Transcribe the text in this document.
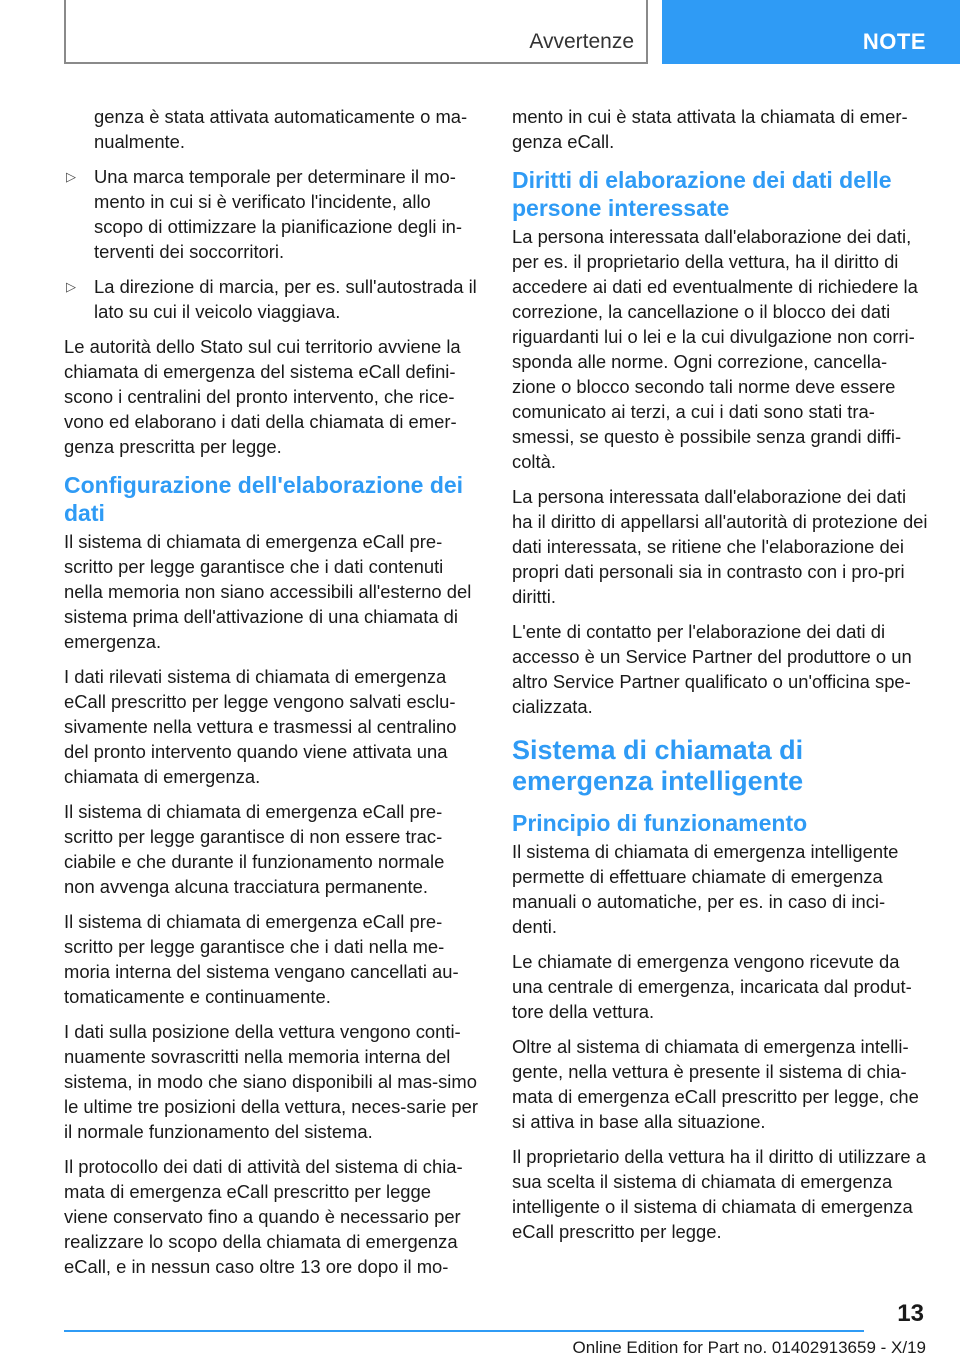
Avvertenze	NOTE

genza è stata attivata automaticamente o ma-nualmente.

▷ Una marca temporale per determinare il mo-mento in cui si è verificato l'incidente, allo scopo di ottimizzare la pianificazione degli in-terventi dei soccorritori.

▷ La direzione di marcia, per es. sull'autostrada il lato su cui il veicolo viaggiava.

Le autorità dello Stato sul cui territorio avviene la chiamata di emergenza del sistema eCall defini-scono i centralini del pronto intervento, che rice-vono ed elaborano i dati della chiamata di emer-genza prescritta per legge.

Configurazione dell'elaborazione dei dati

Il sistema di chiamata di emergenza eCall pre-scritto per legge garantisce che i dati contenuti nella memoria non siano accessibili all'esterno del sistema prima dell'attivazione di una chiamata di emergenza.

I dati rilevati sistema di chiamata di emergenza eCall prescritto per legge vengono salvati esclu-sivamente nella vettura e trasmessi al centralino del pronto intervento quando viene attivata una chiamata di emergenza.

Il sistema di chiamata di emergenza eCall pre-scritto per legge garantisce di non essere trac-ciabile e che durante il funzionamento normale non avvenga alcuna tracciatura permanente.

Il sistema di chiamata di emergenza eCall pre-scritto per legge garantisce che i dati nella me-moria interna del sistema vengano cancellati au-tomaticamente e continuamente.

I dati sulla posizione della vettura vengono conti-nuamente sovrascritti nella memoria interna del sistema, in modo che siano disponibili al mas-simo le ultime tre posizioni della vettura, neces-sarie per il normale funzionamento del sistema.

Il protocollo dei dati di attività del sistema di chia-mata di emergenza eCall prescritto per legge viene conservato fino a quando è necessario per realizzare lo scopo della chiamata di emergenza eCall, e in nessun caso oltre 13 ore dopo il mo-

mento in cui è stata attivata la chiamata di emer-genza eCall.

Diritti di elaborazione dei dati delle persone interessate

La persona interessata dall'elaborazione dei dati, per es. il proprietario della vettura, ha il diritto di accedere ai dati ed eventualmente di richiedere la correzione, la cancellazione o il blocco dei dati riguardanti lui o lei e la cui divulgazione non corri-sponda alle norme. Ogni correzione, cancella-zione o blocco secondo tali norme deve essere comunicato ai terzi, a cui i dati sono stati tra-smessi, se questo è possibile senza grandi diffi-coltà.

La persona interessata dall'elaborazione dei dati ha il diritto di appellarsi all'autorità di protezione dei dati interessata, se ritiene che l'elaborazione dei propri dati personali sia in contrasto con i pro-pri diritti.

L'ente di contatto per l'elaborazione dei dati di accesso è un Service Partner del produttore o un altro Service Partner qualificato o un'officina spe-cializzata.

Sistema di chiamata di emergenza intelligente
Principio di funzionamento

Il sistema di chiamata di emergenza intelligente permette di effettuare chiamate di emergenza manuali o automatiche, per es. in caso di inci-denti.

Le chiamate di emergenza vengono ricevute da una centrale di emergenza, incaricata dal produt-tore della vettura.

Oltre al sistema di chiamata di emergenza intelli-gente, nella vettura è presente il sistema di chia-mata di emergenza eCall prescritto per legge, che si attiva in base alla situazione.

Il proprietario della vettura ha il diritto di utilizzare a sua scelta il sistema di chiamata di emergenza intelligente o il sistema di chiamata di emergenza eCall prescritto per legge.

13
Online Edition for Part no. 01402913659 - X/19
